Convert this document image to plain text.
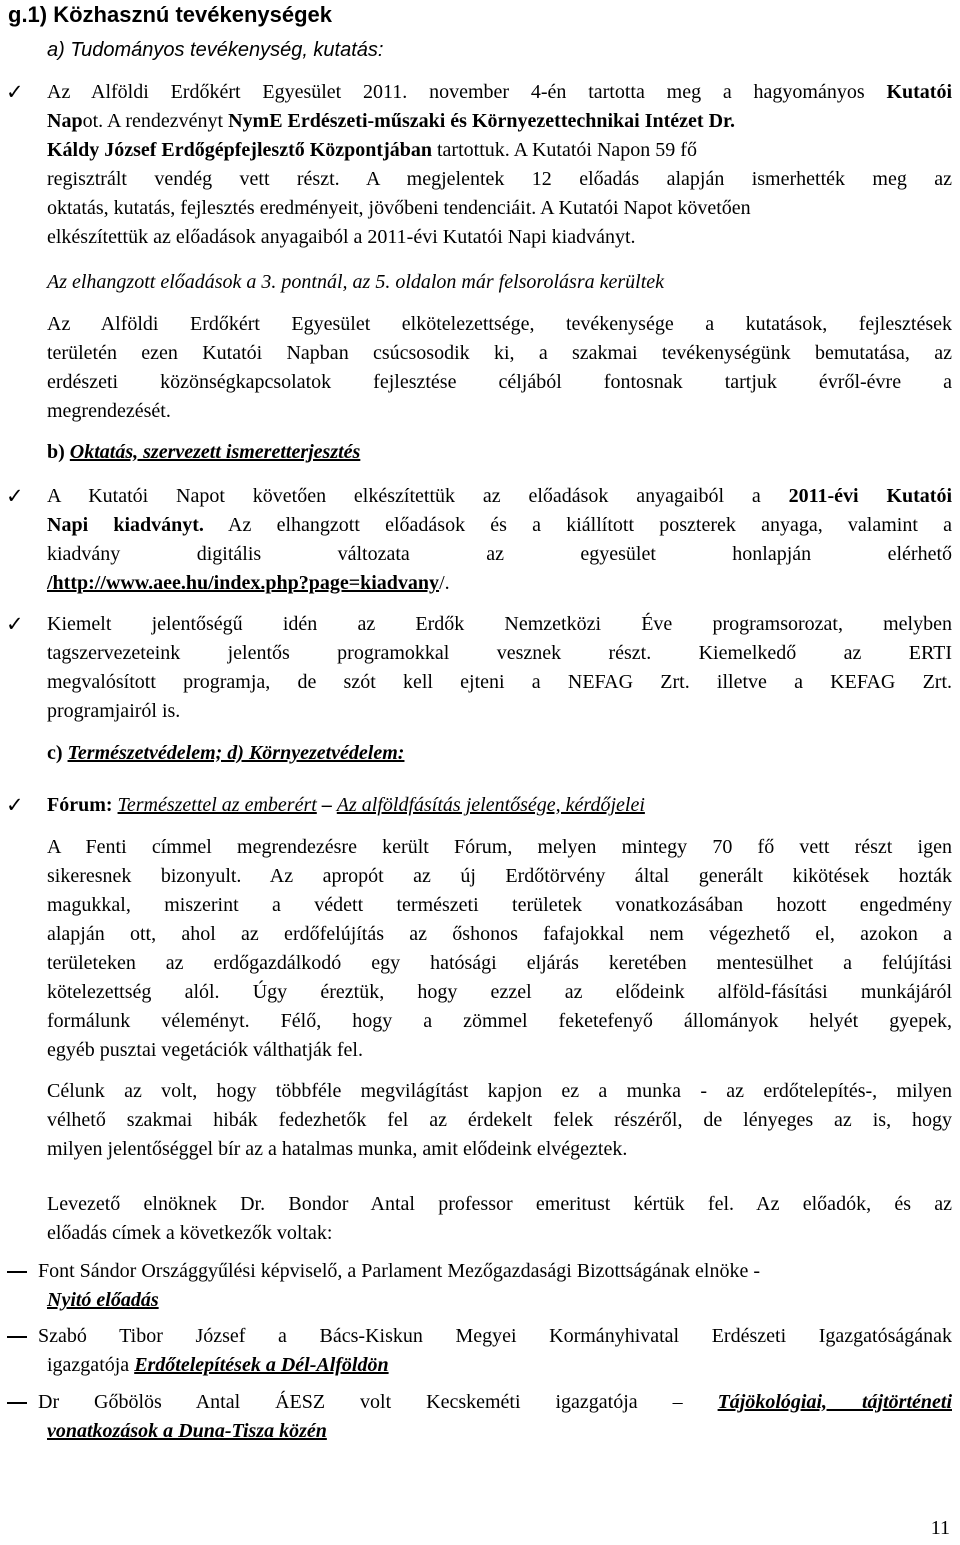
g.1) Közhasznú tevékenységek
a) Tudományos tevékenység, kutatás:
✓ Az Alföldi Erdőkért Egyesület 2011. november 4-én tartotta meg a hagyományos Kutatói
Napot. A rendezvényt NymE Erdészeti-műszaki és Környezettechnikai Intézet Dr.
Káldy József Erdőgépfejlesztő Központjában tartottuk. A Kutatói Napon 59 fő
regisztrált vendég vett részt. A megjelentek 12 előadás alapján ismerhették meg az
oktatás, kutatás, fejlesztés eredményeit, jövőbeni tendenciáit. A Kutatói Napot követően
elkészítettük az előadások anyagaiból a 2011-évi Kutatói Napi kiadványt.
Az elhangzott előadások a 3. pontnál, az 5. oldalon már felsorolásra kerültek
Az Alföldi Erdőkért Egyesület elkötelezettsége, tevékenysége a kutatások, fejlesztések
területén ezen Kutatói Napban csúcsosodik ki, a szakmai tevékenységünk bemutatása, az
erdészeti közönségkapcsolatok fejlesztése céljából fontosnak tartjuk évről-évre a
megrendezését.
b) Oktatás, szervezett ismeretterjesztés
✓ A Kutatói Napot követően elkészítettük az előadások anyagaiból a 2011-évi Kutatói
Napi kiadványt. Az elhangzott előadások és a kiállított poszterek anyaga, valamint a
kiadvány digitális változata az egyesület honlapján elérhető
/http://www.aee.hu/index.php?page=kiadvany/.
✓ Kiemelt jelentőségű idén az Erdők Nemzetközi Éve programsorozat, melyben
tagszervezeteink jelentős programokkal vesznek részt. Kiemelkedő az ERTI
megvalósított programja, de szót kell ejteni a NEFAG Zrt. illetve a KEFAG Zrt.
programjairól is.
c) Természetvédelem; d) Környezetvédelem:
✓ Fórum: Természettel az emberért – Az alföldfásítás jelentősége, kérdőjelei
A Fenti címmel megrendezésre került Fórum, melyen mintegy 70 fő vett részt igen
sikeresnek bizonyult. Az apropót az új Erdőtörvény által generált kikötések hozták
magukkal, miszerint a védett természeti területek vonatkozásában hozott engedmény
alapján ott, ahol az erdőfelújítás az őshonos fafajokkal nem végezhető el, azokon a
területeken az erdőgazdálkodó egy hatósági eljárás keretében mentesülhet a felújítási
kötelezettség alól. Úgy éreztük, hogy ezzel az elődeink alföld-fásítási munkájáról
formálunk véleményt. Félő, hogy a zömmel feketefenyő állományok helyét gyepek,
egyéb pusztai vegetációk válthatják fel.
Célunk az volt, hogy többféle megvilágítást kapjon ez a munka - az erdőtelepítés-, milyen
vélhető szakmai hibák fedezhetők fel az érdekelt felek részéről, de lényeges az is, hogy
milyen jelentőséggel bír az a hatalmas munka, amit elődeink elvégeztek.
Levezető elnöknek Dr. Bondor Antal professor emeritust kértük fel. Az előadók, és az
előadás címek a következők voltak:
Font Sándor Országgyűlési képviselő, a Parlament Mezőgazdasági Bizottságának elnöke -
Nyitó előadás
Szabó Tibor József a Bács-Kiskun Megyei Kormányhivatal Erdészeti Igazgatóságának
igazgatója Erdőtelepítések a Dél-Alföldön
Dr Gőbölös Antal ÁESZ volt Kecskeméti igazgatója – Tájökológiai, tájtörténeti
vonatkozások a Duna-Tisza közén
11
